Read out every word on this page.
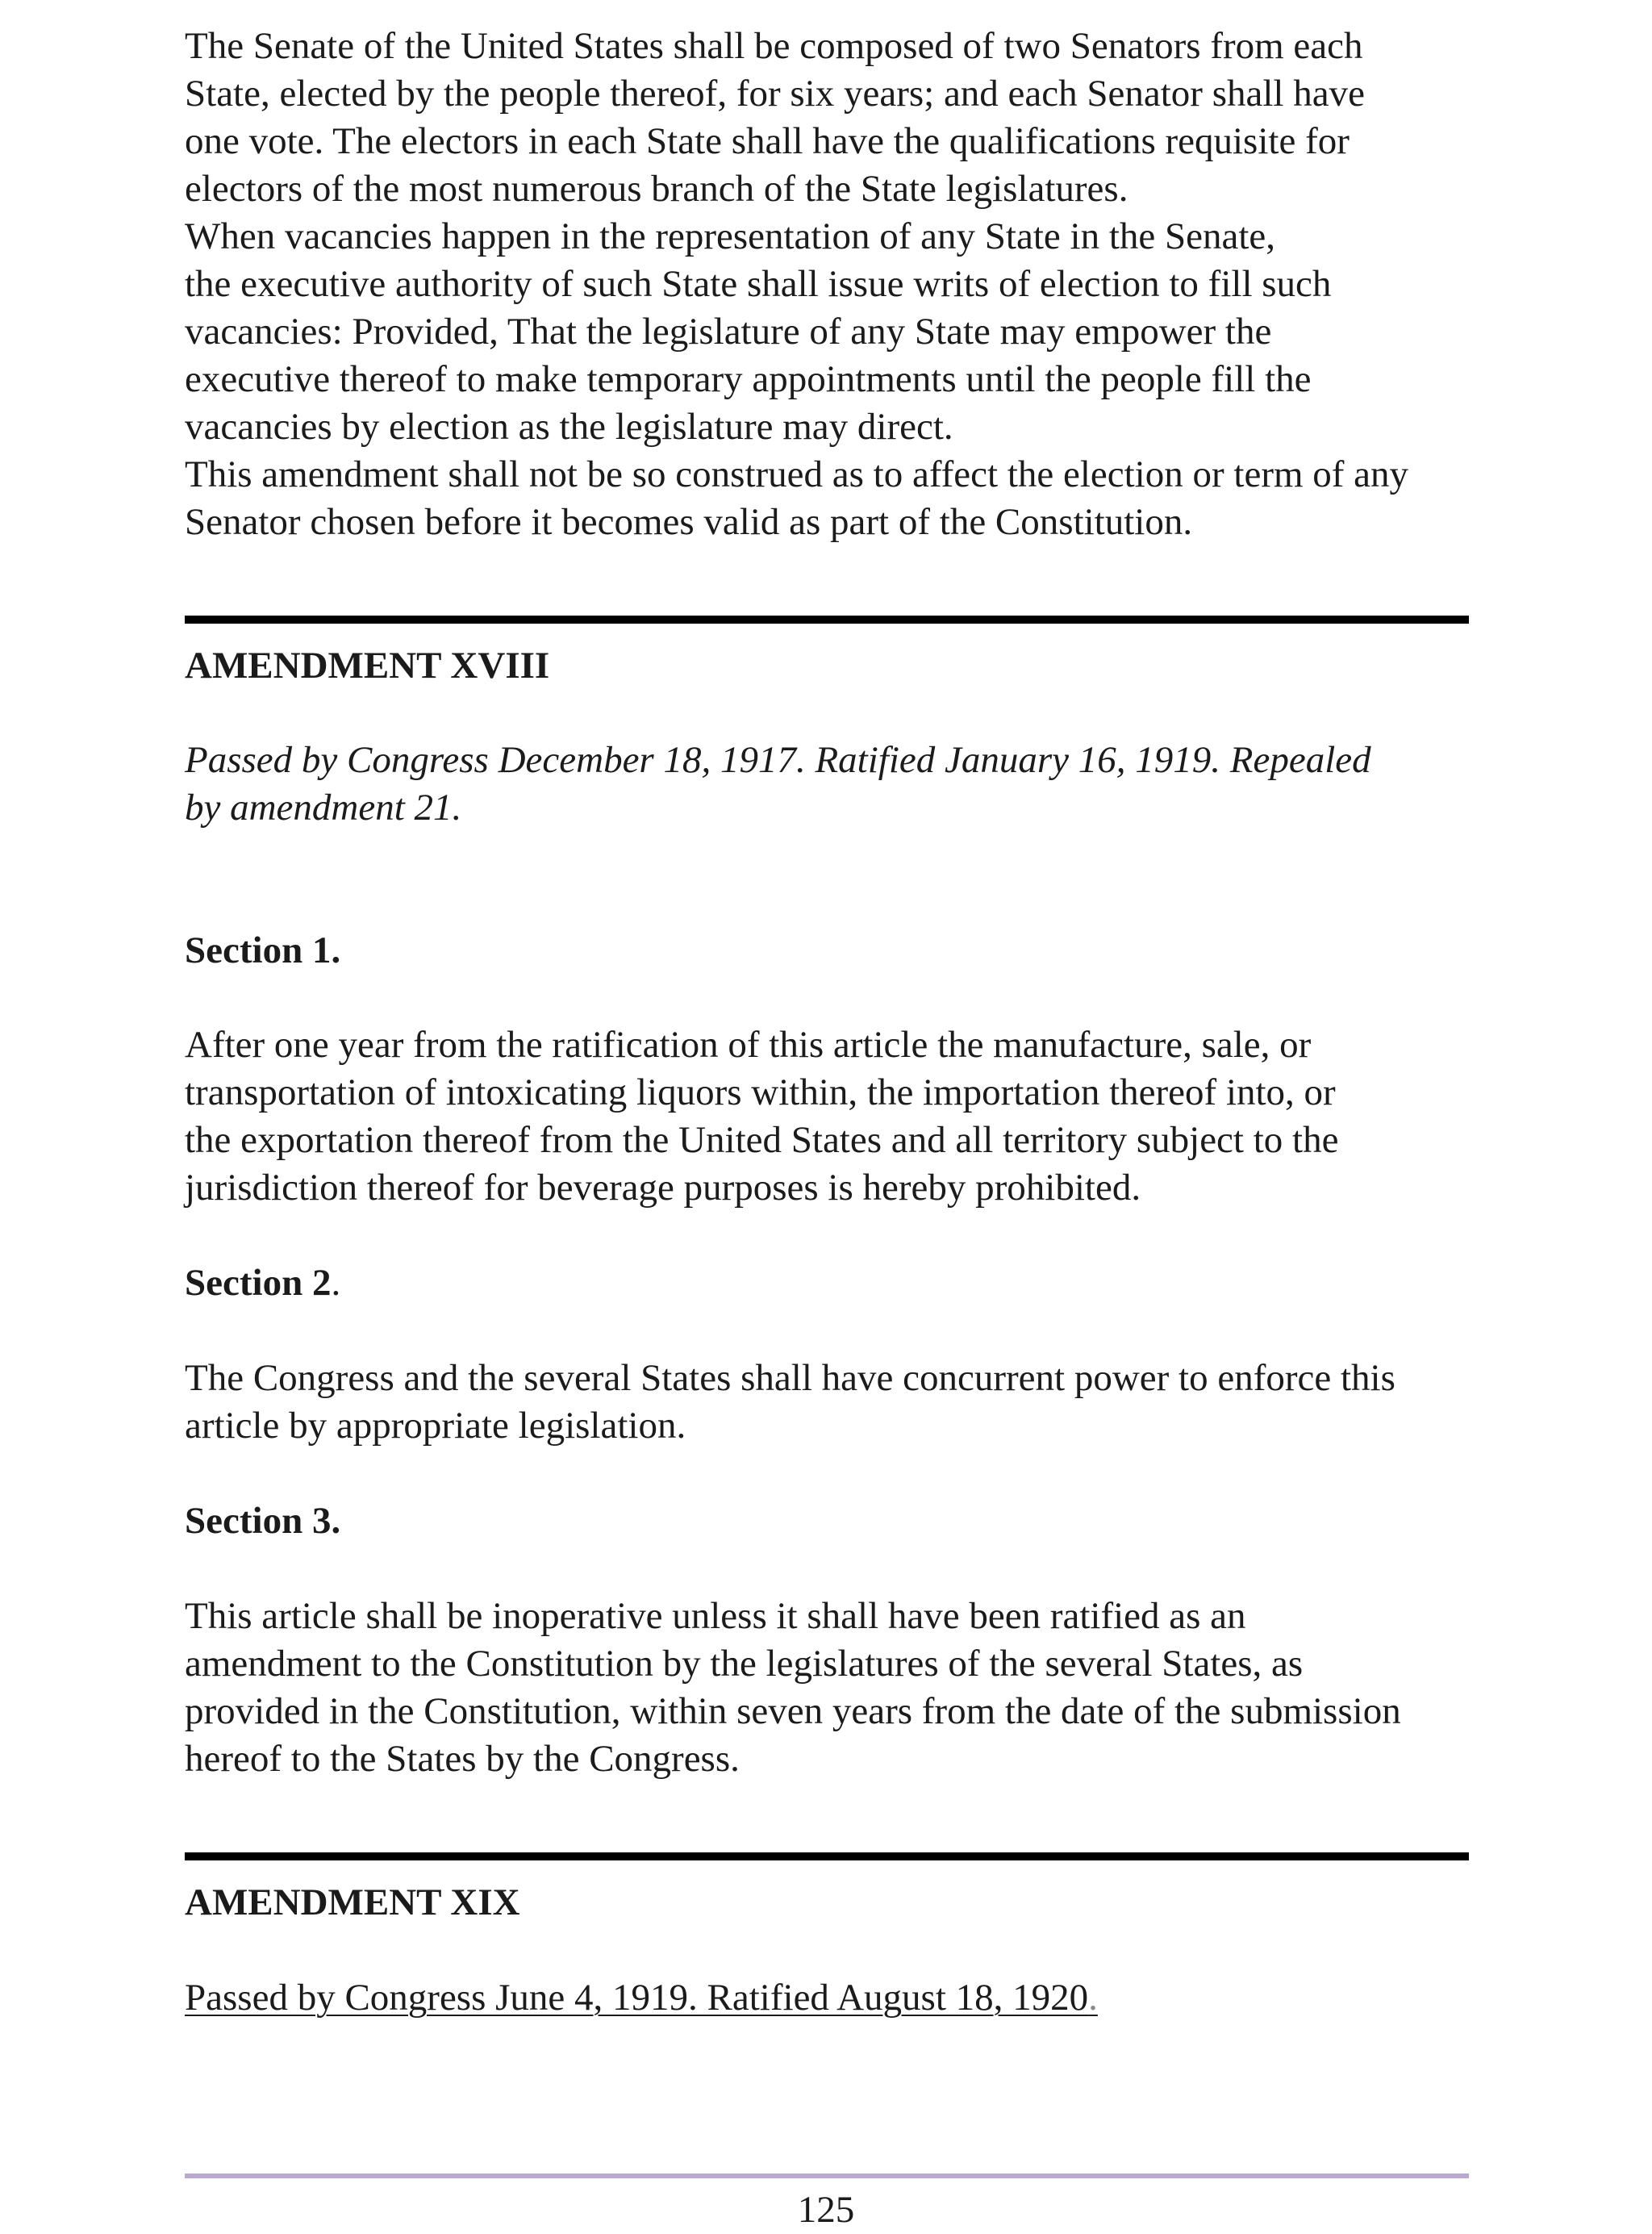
The Senate of the United States shall be composed of two Senators from each
State, elected by the people thereof, for six years; and each Senator shall have
one vote. The electors in each State shall have the qualifications requisite for
electors of the most numerous branch of the State legislatures.
When vacancies happen in the representation of any State in the Senate,
the executive authority of such State shall issue writs of election to fill such
vacancies: Provided, That the legislature of any State may empower the
executive thereof to make temporary appointments until the people fill the
vacancies by election as the legislature may direct.
This amendment shall not be so construed as to affect the election or term of any
Senator chosen before it becomes valid as part of the Constitution.

AMENDMENT XVIII

Passed by Congress December 18, 1917. Ratified January 16, 1919. Repealed
by amendment 21.

Section 1.

After one year from the ratification of this article the manufacture, sale, or
transportation of intoxicating liquors within, the importation thereof into, or
the exportation thereof from the United States and all territory subject to the
jurisdiction thereof for beverage purposes is hereby prohibited.

Section 2.

The Congress and the several States shall have concurrent power to enforce this
article by appropriate legislation.

Section 3.

This article shall be inoperative unless it shall have been ratified as an
amendment to the Constitution by the legislatures of the several States, as
provided in the Constitution, within seven years from the date of the submission
hereof to the States by the Congress.

AMENDMENT XIX

Passed by Congress June 4, 1919. Ratified August 18, 1920.

125
